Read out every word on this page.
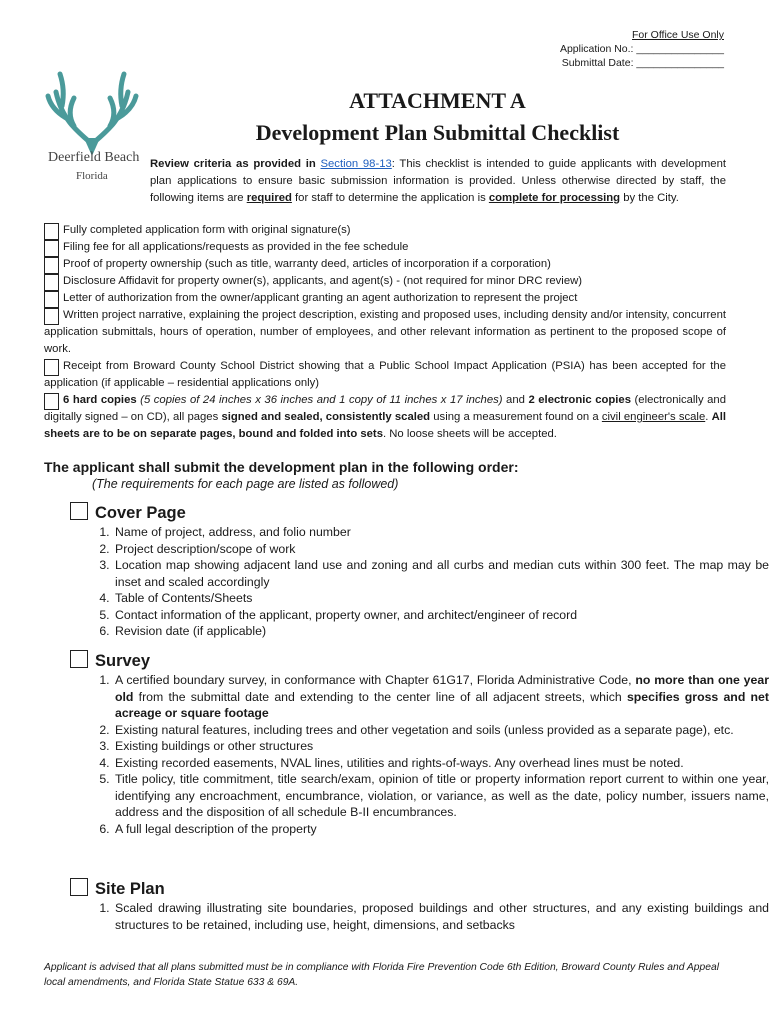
For Office Use Only
Application No.: _______________
Submittal Date: _______________
Deerfield Beach
Florida
ATTACHMENT A
Development Plan Submittal Checklist
Review criteria as provided in Section 98-13: This checklist is intended to guide applicants with development plan applications to ensure basic submission information is provided. Unless otherwise directed by staff, the following items are required for staff to determine the application is complete for processing by the City.
Fully completed application form with original signature(s)
Filing fee for all applications/requests as provided in the fee schedule
Proof of property ownership (such as title, warranty deed, articles of incorporation if a corporation)
Disclosure Affidavit for property owner(s), applicants, and agent(s) - (not required for minor DRC review)
Letter of authorization from the owner/applicant granting an agent authorization to represent the project
Written project narrative, explaining the project description, existing and proposed uses, including density and/or intensity, concurrent application submittals, hours of operation, number of employees, and other relevant information as pertinent to the proposed scope of work.
Receipt from Broward County School District showing that a Public School Impact Application (PSIA) has been accepted for the application (if applicable – residential applications only)
6 hard copies (5 copies of 24 inches x 36 inches and 1 copy of 11 inches x 17 inches) and 2 electronic copies (electronically and digitally signed – on CD), all pages signed and sealed, consistently scaled using a measurement found on a civil engineer's scale. All sheets are to be on separate pages, bound and folded into sets. No loose sheets will be accepted.
The applicant shall submit the development plan in the following order:
(The requirements for each page are listed as followed)
Cover Page
1. Name of project, address, and folio number
2. Project description/scope of work
3. Location map showing adjacent land use and zoning and all curbs and median cuts within 300 feet. The map may be inset and scaled accordingly
4. Table of Contents/Sheets
5. Contact information of the applicant, property owner, and architect/engineer of record
6. Revision date (if applicable)
Survey
1. A certified boundary survey, in conformance with Chapter 61G17, Florida Administrative Code, no more than one year old from the submittal date and extending to the center line of all adjacent streets, which specifies gross and net acreage or square footage
2. Existing natural features, including trees and other vegetation and soils (unless provided as a separate page), etc.
3. Existing buildings or other structures
4. Existing recorded easements, NVAL lines, utilities and rights-of-ways. Any overhead lines must be noted.
5. Title policy, title commitment, title search/exam, opinion of title or property information report current to within one year, identifying any encroachment, encumbrance, violation, or variance, as well as the date, policy number, issuers name, address and the disposition of all schedule B-II encumbrances.
6. A full legal description of the property
Site Plan
1. Scaled drawing illustrating site boundaries, proposed buildings and other structures, and any existing buildings and structures to be retained, including use, height, dimensions, and setbacks
Applicant is advised that all plans submitted must be in compliance with Florida Fire Prevention Code 6th Edition, Broward County Rules and Appeal local amendments, and Florida State Statue 633 & 69A.
